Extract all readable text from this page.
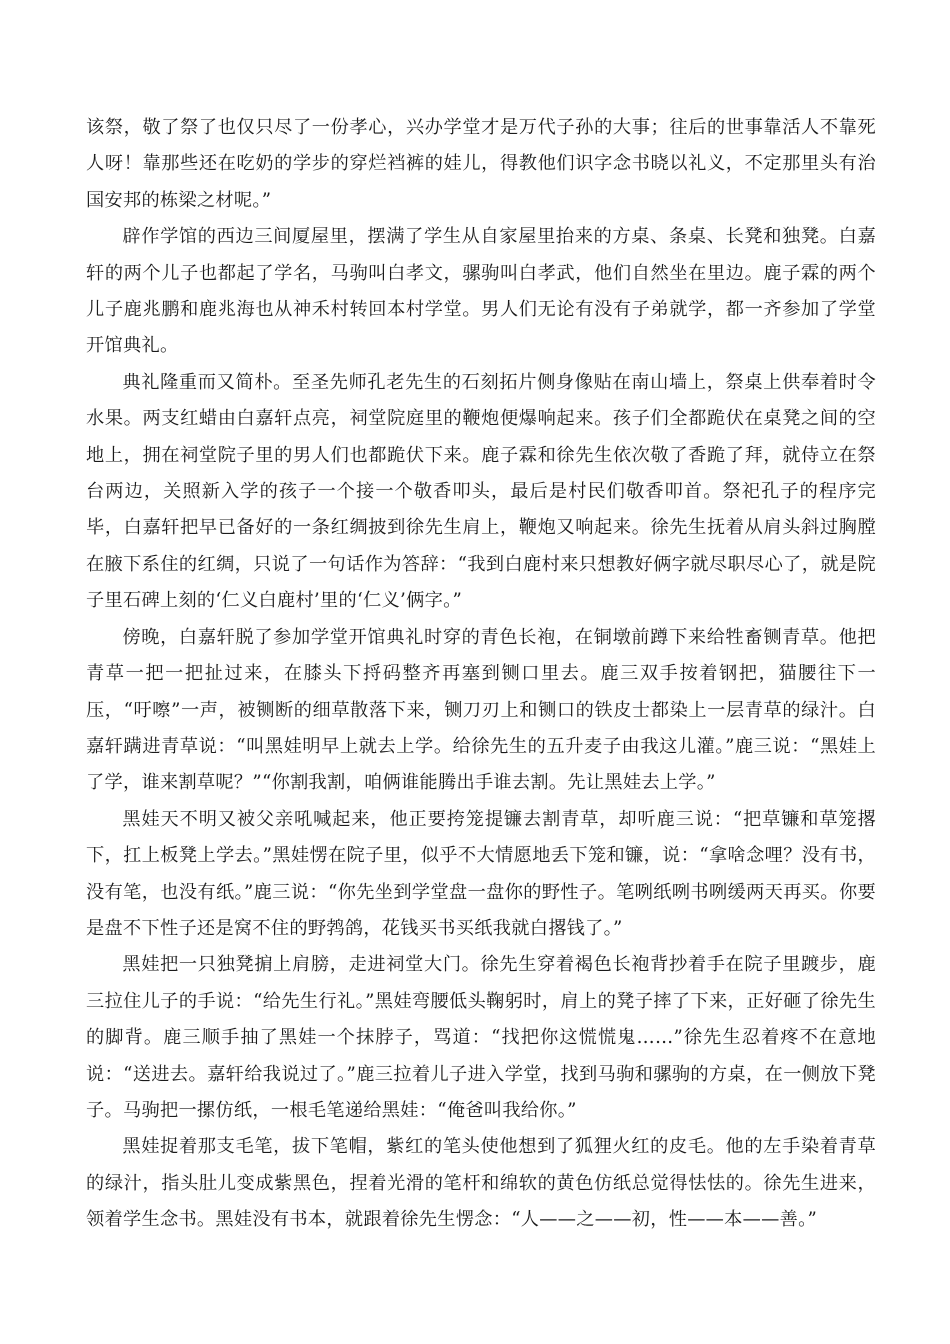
该祭，敬了祭了也仅只尽了一份孝心，兴办学堂才是万代子孙的大事；往后的世事靠活人不靠死人呀！靠那些还在吃奶的学步的穿烂裆裤的娃儿，得教他们识字念书晓以礼义，不定那里头有治国安邦的栋梁之材呢。”

辟作学馆的西边三间厦屋里，摆满了学生从自家屋里抬来的方桌、条桌、长凳和独凳。白嘉轩的两个儿子也都起了学名，马驹叫白孝文，骡驹叫白孝武，他们自然坐在里边。鹿子霖的两个儿子鹿兆鹏和鹿兆海也从神禾村转回本村学堂。男人们无论有没有子弟就学，都一齐参加了学堂开馆典礼。

典礼隆重而又简朴。至圣先师孔老先生的石刻拓片侧身像贴在南山墙上，祭桌上供奉着时令水果。两支红蜡由白嘉轩点亮，祠堂院庭里的鞭炮便爆响起来。孩子们全都跪伏在桌凳之间的空地上，拥在祠堂院子里的男人们也都跪伏下来。鹿子霖和徐先生依次敬了香跪了拜，就侍立在祭台两边，关照新入学的孩子一个接一个敬香叩头，最后是村民们敬香叩首。祭祀孔子的程序完毕，白嘉轩把早已备好的一条红绸披到徐先生肩上，鞭炮又响起来。徐先生抚着从肩头斜过胸膛在腋下系住的红绸，只说了一句话作为答辞：“我到白鹿村来只想教好俩字就尽职尽心了，就是院子里石碑上刻的‘仁义白鹿村’里的‘仁义’俩字。”

傍晚，白嘉轩脱了参加学堂开馆典礼时穿的青色长袍，在铜墩前蹲下来给牲畜铡青草。他把青草一把一把扯过来，在膝头下捋码整齐再塞到铡口里去。鹿三双手按着钢把，猫腰往下一压，“吁嚓”一声，被铡断的细草散落下来，铡刀刃上和铡口的铁皮士都染上一层青草的绿汁。白嘉轩蹒进青草说：“叫黑娃明早上就去上学。给徐先生的五升麦子由我这儿灌。”鹿三说：“黑娃上了学，谁来割草呢？”“你割我割，咱俩谁能腾出手谁去割。先让黑娃去上学。”

黑娃天不明又被父亲吼喊起来，他正要挎笼提镰去割青草，却听鹿三说：“把草镰和草笼撂下，扛上板凳上学去。”黑娃愣在院子里，似乎不大情愿地丢下笼和镰，说：“拿啥念哩？没有书，没有笔，也没有纸。”鹿三说：“你先坐到学堂盘一盘你的野性子。笔咧纸咧书咧缓两天再买。你要是盘不下性子还是窝不住的野鹁鸽，花钱买书买纸我就白撂钱了。”

黑娃把一只独凳掮上肩膀，走进祠堂大门。徐先生穿着褐色长袍背抄着手在院子里踱步，鹿三拉住儿子的手说：“给先生行礼。”黑娃弯腰低头鞠躬时，肩上的凳子摔了下来，正好砸了徐先生的脚背。鹿三顺手抽了黑娃一个抹脖子，骂道：“找把你这慌慌鬼……”徐先生忍着疼不在意地说：“送进去。嘉轩给我说过了。”鹿三拉着儿子进入学堂，找到马驹和骡驹的方桌，在一侧放下凳子。马驹把一摞仿纸，一根毛笔递给黑娃：“俺爸叫我给你。”

黑娃捉着那支毛笔，拔下笔帽，紫红的笔头使他想到了狐狸火红的皮毛。他的左手染着青草的绿汁，指头肚儿变成紫黑色，捏着光滑的笔杆和绵软的黄色仿纸总觉得怯怯的。徐先生进来，领着学生念书。黑娃没有书本，就跟着徐先生愣念：“人——之——初，性——本——善。”
